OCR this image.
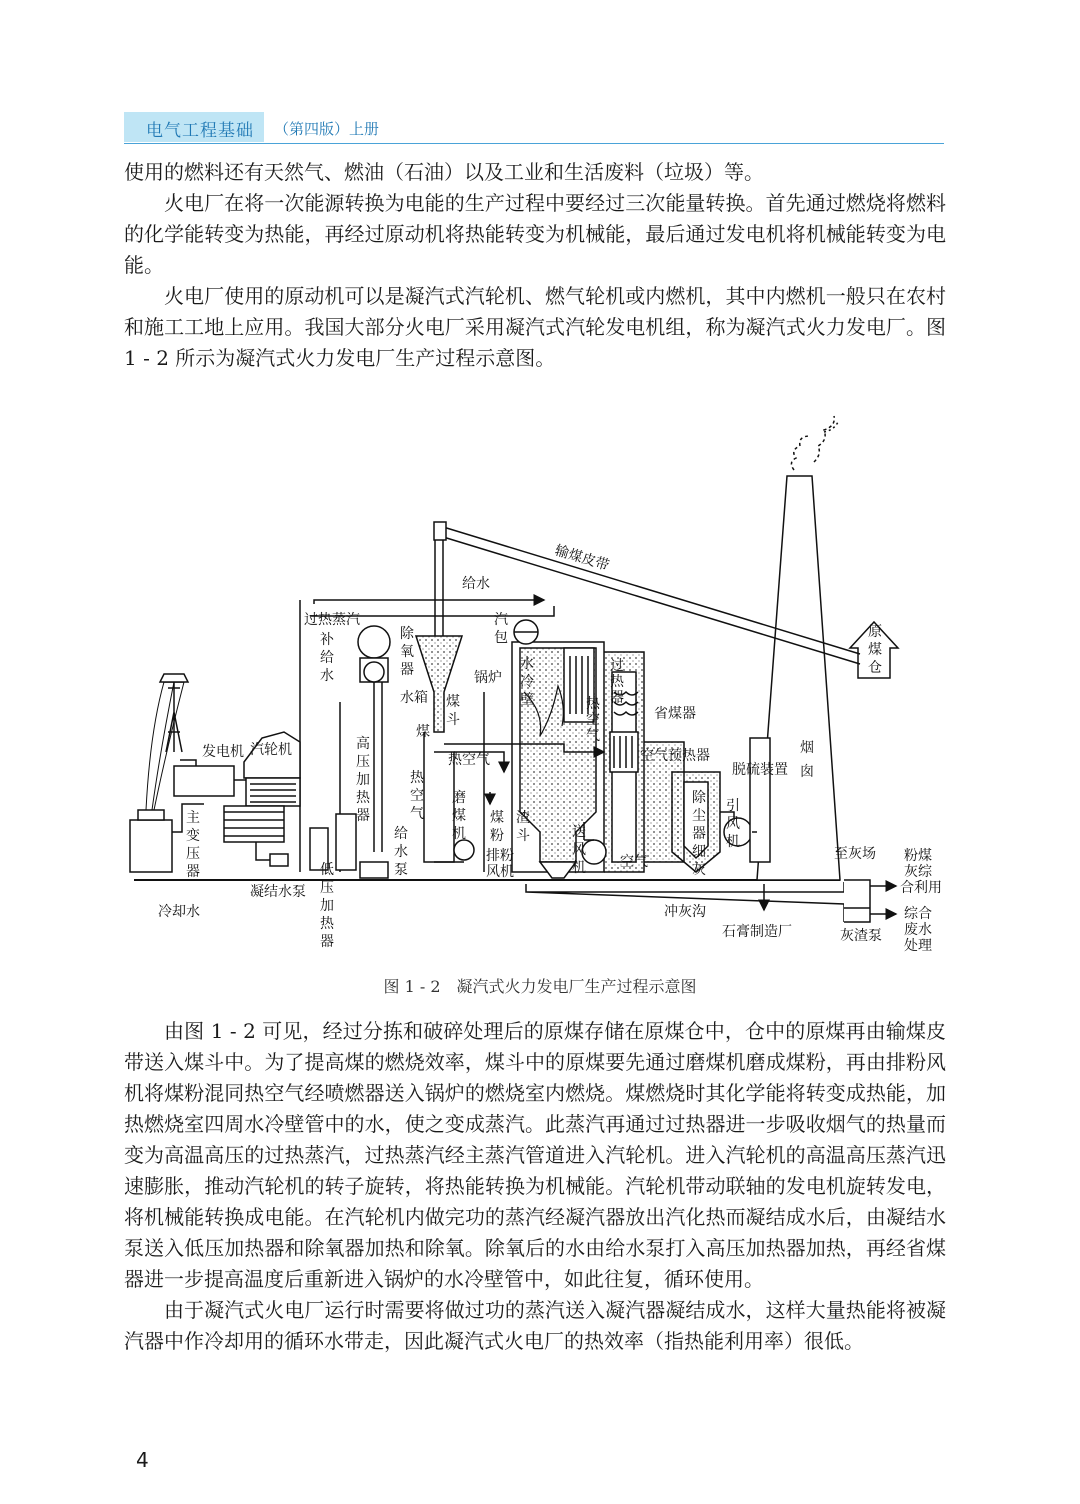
电气工程基础 （第四版）上册

使用的燃料还有天然气、燃油（石油）以及工业和生活废料（垃圾）等。

火电厂在将一次能源转换为电能的生产过程中要经过三次能量转换。首先通过燃烧将燃料的化学能转变为热能，再经过原动机将热能转变为机械能，最后通过发电机将机械能转变为电能。

火电厂使用的原动机可以是凝汽式汽轮机、燃气轮机或内燃机，其中内燃机一般只在农村和施工工地上应用。我国大部分火电厂采用凝汽式汽轮发电机组，称为凝汽式火力发电厂。图 1 - 2 所示为凝汽式火力发电厂生产过程示意图。

输煤皮带
给水
过热蒸汽
除
氧
器
补
给
水
水箱
汽
包
锅炉
水
冷
壁
过
热
器
省煤器
热
空
气
煤
斗
煤
热空气	空气预热器
脱硫装置
烟
囱
原
煤
仓
发电机 汽轮机	高
压
加
热
器
热
空
气
磨
煤
机
煤
粉
渣
斗
排粉
风机
送
风
机 空气
除
尘
器
细
灰
引
风
机
给
水
泵
主
变
压
器
凝结水泵
低
压
加
热
器
冷却水	冲灰沟
石膏制造厂	灰渣泵
至灰场 粉煤
灰综
合利用
综合
废水
处理
图 1 - 2　凝汽式火力发电厂生产过程示意图

由图 1 - 2 可见，经过分拣和破碎处理后的原煤存储在原煤仓中，仓中的原煤再由输煤皮带送入煤斗中。为了提高煤的燃烧效率，煤斗中的原煤要先通过磨煤机磨成煤粉，再由排粉风机将煤粉混同热空气经喷燃器送入锅炉的燃烧室内燃烧。煤燃烧时其化学能将转变成热能，加热燃烧室四周水冷壁管中的水，使之变成蒸汽。此蒸汽再通过过热器进一步吸收烟气的热量而变为高温高压的过热蒸汽，过热蒸汽经主蒸汽管道进入汽轮机。进入汽轮机的高温高压蒸汽迅速膨胀，推动汽轮机的转子旋转，将热能转换为机械能。汽轮机带动联轴的发电机旋转发电，将机械能转换成电能。在汽轮机内做完功的蒸汽经凝汽器放出汽化热而凝结成水后，由凝结水泵送入低压加热器和除氧器加热和除氧。除氧后的水由给水泵打入高压加热器加热，再经省煤器进一步提高温度后重新进入锅炉的水冷壁管中，如此往复，循环使用。

由于凝汽式火电厂运行时需要将做过功的蒸汽送入凝汽器凝结成水，这样大量热能将被凝汽器中作冷却用的循环水带走，因此凝汽式火电厂的热效率（指热能利用率）很低。

4
